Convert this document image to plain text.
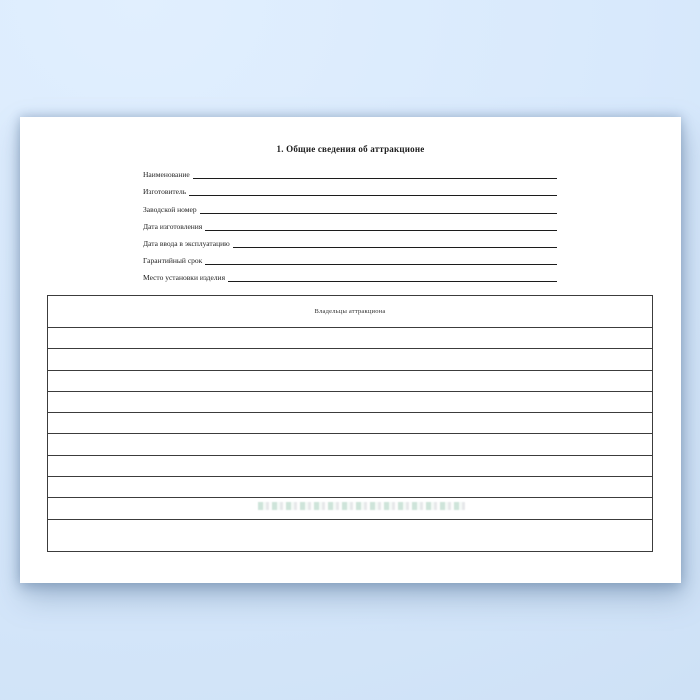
1. Общие сведения об аттракционе
Наименование
Изготовитель
Заводской номер
Дата изготовления
Дата ввода в эксплуатацию
Гарантийный срок
Место установки изделия
Владельцы аттракциона
